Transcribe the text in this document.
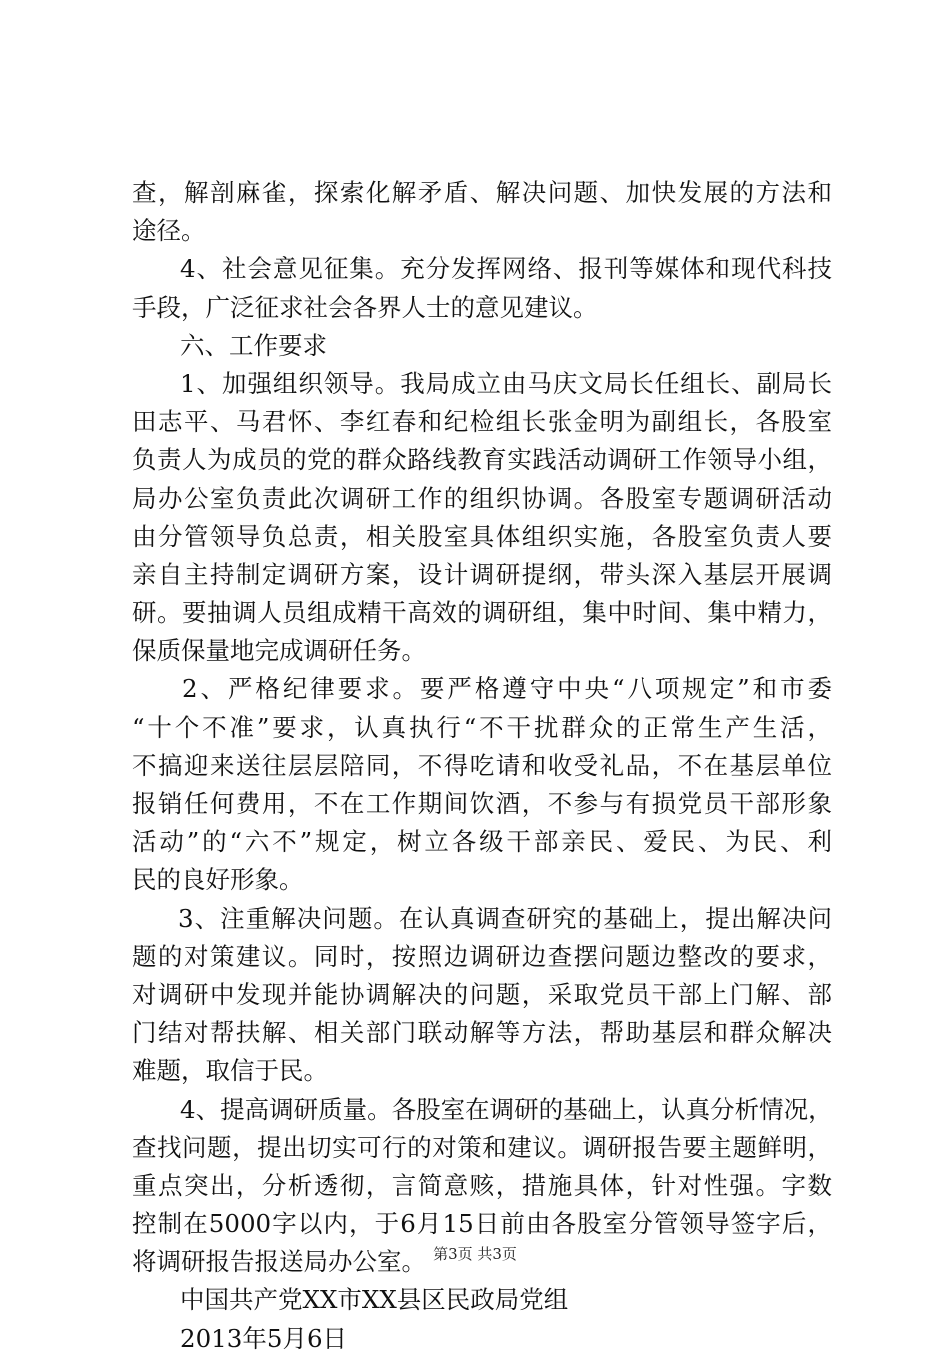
查，解剖麻雀，探索化解矛盾、解决问题、加快发展的方法和
途径。
4、社会意见征集。充分发挥网络、报刊等媒体和现代科技
手段，广泛征求社会各界人士的意见建议。
六、工作要求
1、加强组织领导。我局成立由马庆文局长任组长、副局长
田志平、马君怀、李红春和纪检组长张金明为副组长，各股室
负责人为成员的党的群众路线教育实践活动调研工作领导小组，
局办公室负责此次调研工作的组织协调。各股室专题调研活动
由分管领导负总责，相关股室具体组织实施，各股室负责人要
亲自主持制定调研方案，设计调研提纲，带头深入基层开展调
研。要抽调人员组成精干高效的调研组，集中时间、集中精力，
保质保量地完成调研任务。
2、严格纪律要求。要严格遵守中央“八项规定”和市委
“十个不准”要求，认真执行“不干扰群众的正常生产生活，
不搞迎来送往层层陪同，不得吃请和收受礼品，不在基层单位
报销任何费用，不在工作期间饮酒，不参与有损党员干部形象
活动”的“六不”规定，树立各级干部亲民、爱民、为民、利
民的良好形象。
3、注重解决问题。在认真调查研究的基础上，提出解决问
题的对策建议。同时，按照边调研边查摆问题边整改的要求，
对调研中发现并能协调解决的问题，采取党员干部上门解、部
门结对帮扶解、相关部门联动解等方法，帮助基层和群众解决
难题，取信于民。
4、提高调研质量。各股室在调研的基础上，认真分析情况，
查找问题，提出切实可行的对策和建议。调研报告要主题鲜明，
重点突出，分析透彻，言简意赅，措施具体，针对性强。字数
控制在5000字以内，于6月15日前由各股室分管领导签字后，
将调研报告报送局办公室。
中国共产党XX市XX县区民政局党组
2013年5月6日
第3页 共3页
